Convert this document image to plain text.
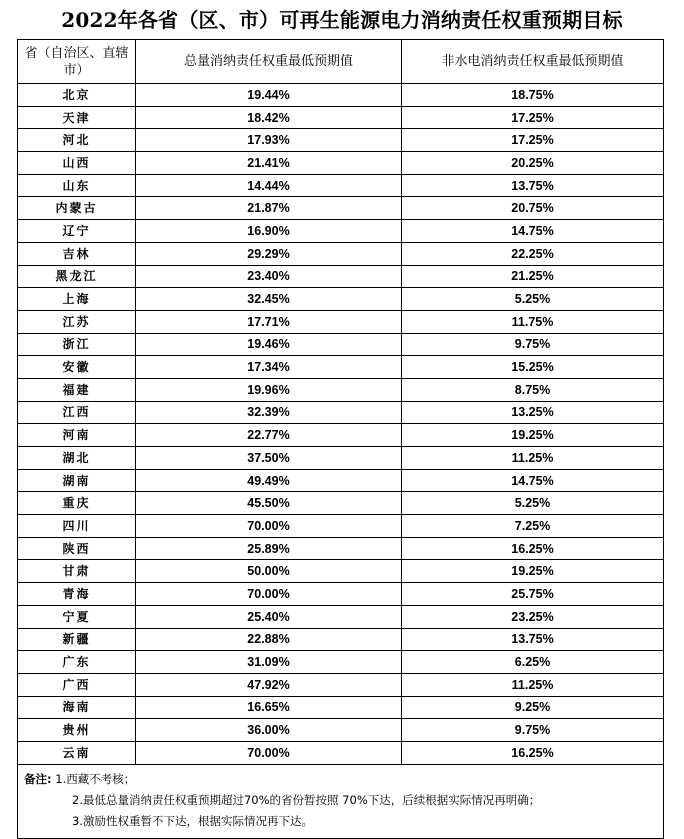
2022年各省（区、市）可再生能源电力消纳责任权重预期目标
省（自治区、直辖市）	总量消纳责任权重最低预期值	非水电消纳责任权重最低预期值
北京	19.44%	18.75%
天津	18.42%	17.25%
河北	17.93%	17.25%
山西	21.41%	20.25%
山东	14.44%	13.75%
内蒙古	21.87%	20.75%
辽宁	16.90%	14.75%
吉林	29.29%	22.25%
黑龙江	23.40%	21.25%
上海	32.45%	5.25%
江苏	17.71%	11.75%
浙江	19.46%	9.75%
安徽	17.34%	15.25%
福建	19.96%	8.75%
江西	32.39%	13.25%
河南	22.77%	19.25%
湖北	37.50%	11.25%
湖南	49.49%	14.75%
重庆	45.50%	5.25%
四川	70.00%	7.25%
陕西	25.89%	16.25%
甘肃	50.00%	19.25%
青海	70.00%	25.75%
宁夏	25.40%	23.25%
新疆	22.88%	13.75%
广东	31.09%	6.25%
广西	47.92%	11.25%
海南	16.65%	9.25%
贵州	36.00%	9.75%
云南	70.00%	16.25%

备注: 1.西藏不考核；
2.最低总量消纳责任权重预期超过70%的省份暂按照 70%下达，后续根据实际情况再明确；
3.激励性权重暂不下达，根据实际情况再下达。		
